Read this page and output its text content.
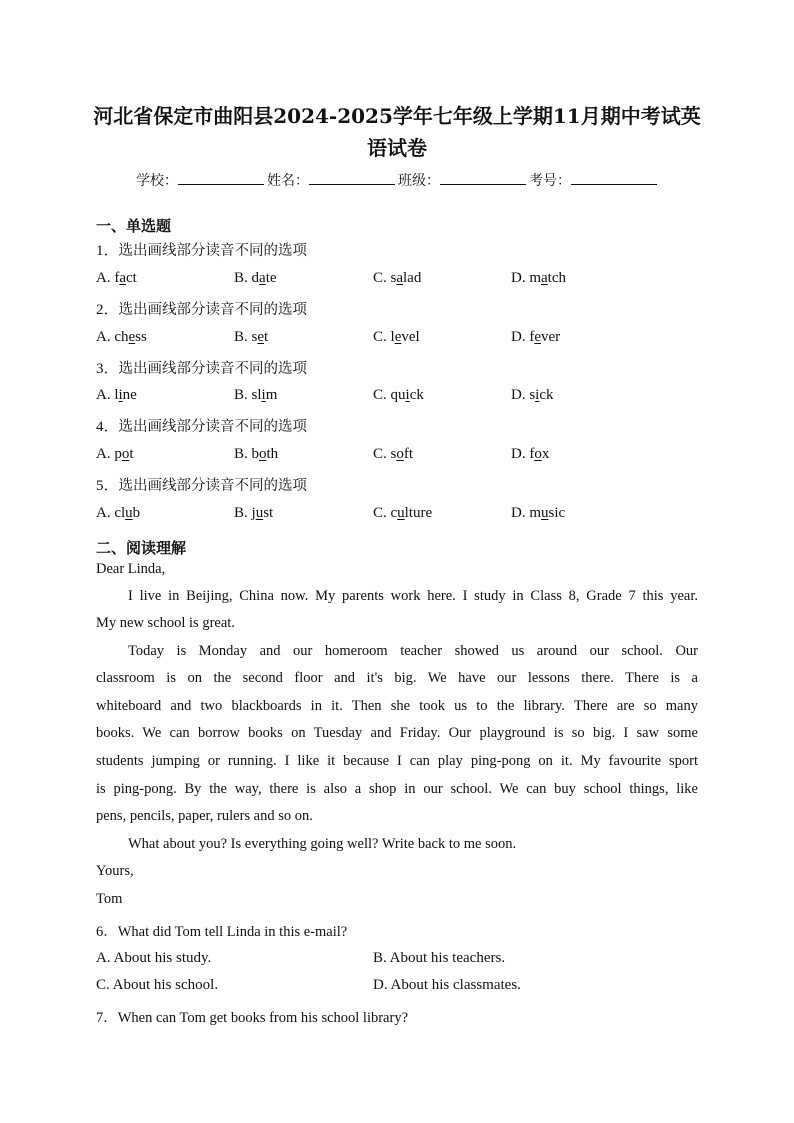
河北省保定市曲阳县2024-2025学年七年级上学期11月期中考试英
语试卷
学校：	姓名：	班级：	考号：
一、单选题
1．选出画线部分读音不同的选项
A. fact	B. date	C. salad	D. match
2．选出画线部分读音不同的选项
A. chess	B. set	C. level	D. fever
3．选出画线部分读音不同的选项
A. line	B. slim	C. quick	D. sick
4．选出画线部分读音不同的选项
A. pot	B. both	C. soft	D. fox
5．选出画线部分读音不同的选项
A. club	B. just	C. culture	D. music
二、阅读理解
Dear Linda,
I live in Beijing, China now. My parents work here. I study in Class 8, Grade 7 this year.
My new school is great.
Today is Monday and our homeroom teacher showed us around our school. Our
classroom is on the second floor and it's big. We have our lessons there. There is a
whiteboard and two blackboards in it. Then she took us to the library. There are so many
books. We can borrow books on Tuesday and Friday. Our playground is so big. I saw some
students jumping or running. I like it because I can play ping-pong on it. My favourite sport
is ping-pong. By the way, there is also a shop in our school. We can buy school things, like
pens, pencils, paper, rulers and so on.
What about you? Is everything going well? Write back to me soon.
Yours,
Tom
6．What did Tom tell Linda in this e-mail?
A. About his study.	B. About his teachers.
C. About his school.	D. About his classmates.
7．When can Tom get books from his school library?
